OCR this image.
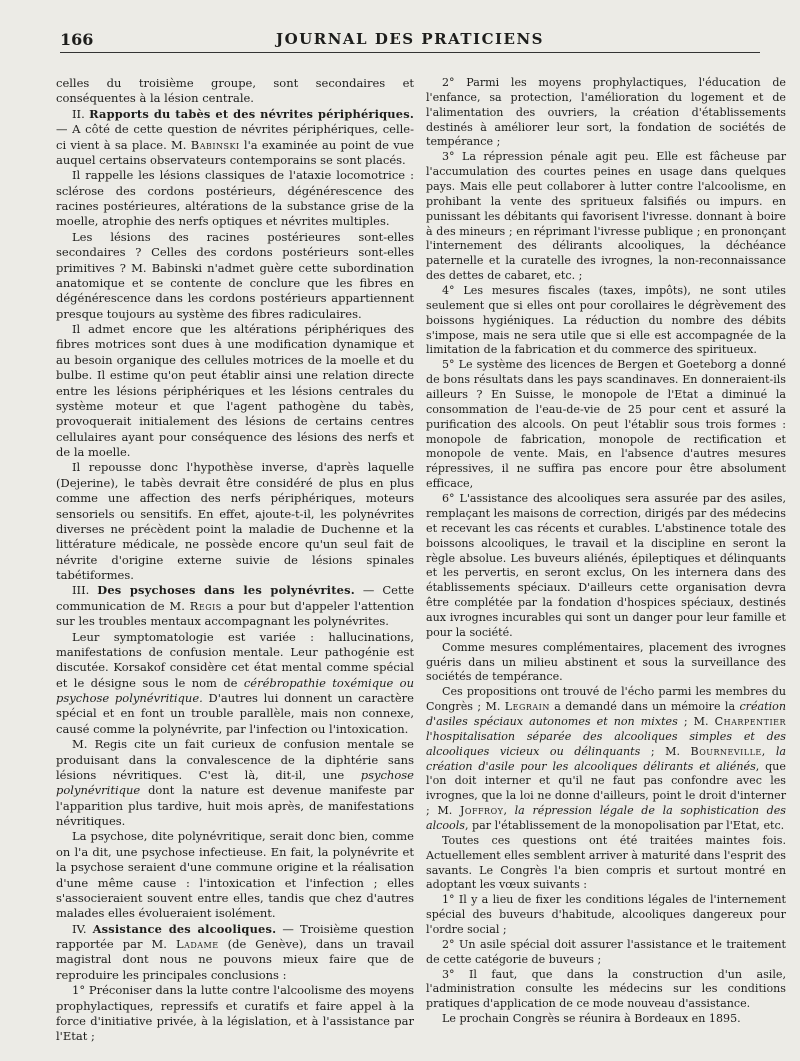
166	JOURNAL DES PRATICIENS

celles du troisième groupe, sont secondaires et conséquentes à la lésion centrale.

II. Rapports du tabès et des névrites périphériques. — A côté de cette question de névrites périphériques, celle-ci vient à sa place. M. Babinski l'a examinée au point de vue auquel certains observateurs contemporains se sont placés.

Il rappelle les lésions classiques de l'ataxie locomotrice : sclérose des cordons postérieurs, dégénérescence des racines postérieures, altérations de la substance grise de la moelle, atrophie des nerfs optiques et névrites multiples.

Les lésions des racines postérieures sont-elles secondaires ? Celles des cordons postérieurs sont-elles primitives ? M. Babinski n'admet guère cette subordination anatomique et se contente de conclure que les fibres en dégénérescence dans les cordons postérieurs appartiennent presque toujours au système des fibres radiculaires.

Il admet encore que les altérations périphériques des fibres motrices sont dues à une modification dynamique et au besoin organique des cellules motrices de la moelle et du bulbe. Il estime qu'on peut établir ainsi une relation directe entre les lésions périphériques et les lésions centrales du système moteur et que l'agent pathogène du tabès, provoquerait initialement des lésions de certains centres cellulaires ayant pour conséquence des lésions des nerfs et de la moelle.

Il repousse donc l'hypothèse inverse, d'après laquelle (Dejerine), le tabès devrait être considéré de plus en plus comme une affection des nerfs périphériques, moteurs sensoriels ou sensitifs. En effet, ajoute-t-il, les polynévrites diverses ne précèdent point la maladie de Duchenne et la littérature médicale, ne possède encore qu'un seul fait de névrite d'origine externe suivie de lésions spinales tabétiformes.

III. Des psychoses dans les polynévrites. — Cette communication de M. Regis a pour but d'appeler l'attention sur les troubles mentaux accompagnant les polynévrites.

Leur symptomatologie est variée : hallucinations, manifestations de confusion mentale. Leur pathogénie est discutée. Korsakof considère cet état mental comme spécial et le désigne sous le nom de cérébropathie toxémique ou psychose polynévritique. D'autres lui donnent un caractère spécial et en font un trouble parallèle, mais non connexe, causé comme la polynévrite, par l'infection ou l'intoxication.

M. Regis cite un fait curieux de confusion mentale se produisant dans la convalescence de la diphtérie sans lésions névritiques. C'est là, dit-il, une psychose polynévritique dont la nature est devenue manifeste par l'apparition plus tardive, huit mois après, de manifestations névritiques.

La psychose, dite polynévritique, serait donc bien, comme on l'a dit, une psychose infectieuse. En fait, la polynévrite et la psychose seraient d'une commune origine et la réalisation d'une même cause : l'intoxication et l'infection ; elles s'associeraient souvent entre elles, tandis que chez d'autres malades elles évolueraient isolément.

IV. Assistance des alcooliques. — Troisième question rapportée par M. Ladame (de Genève), dans un travail magistral dont nous ne pouvons mieux faire que de reproduire les principales conclusions :

1° Préconiser dans la lutte contre l'alcoolisme des moyens prophylactiques, repressifs et curatifs et faire appel à la force d'initiative privée, à la législation, et à l'assistance par l'Etat ;

2° Parmi les moyens prophylactiques, l'éducation de l'enfance, sa protection, l'amélioration du logement et de l'alimentation des ouvriers, la création d'établissements destinés à améliorer leur sort, la fondation de sociétés de tempérance ;

3° La répression pénale agit peu. Elle est fâcheuse par l'accumulation des courtes peines en usage dans quelques pays. Mais elle peut collaborer à lutter contre l'alcoolisme, en prohibant la vente des spritueux falsifiés ou impurs. en punissant les débitants qui favorisent l'ivresse. donnant à boire à des mineurs ; en réprimant l'ivresse publique ; en prononçant l'internement des délirants alcooliques, la déchéance paternelle et la curatelle des ivrognes, la non-reconnaissance des dettes de cabaret, etc. ;

4° Les mesures fiscales (taxes, impôts), ne sont utiles seulement que si elles ont pour corollaires le dégrèvement des boissons hygiéniques. La réduction du nombre des débits s'impose, mais ne sera utile que si elle est accompagnée de la limitation de la fabrication et du commerce des spiritueux.

5° Le système des licences de Bergen et Goeteborg a donné de bons résultats dans les pays scandinaves. En donneraient-ils ailleurs ? En Suisse, le monopole de l'Etat a diminué la consommation de l'eau-de-vie de 25 pour cent et assuré la purification des alcools. On peut l'établir sous trois formes : monopole de fabrication, monopole de rectification et monopole de vente. Mais, en l'absence d'autres mesures répressives, il ne suffira pas encore pour être absolument efficace,

6° L'assistance des alcooliques sera assurée par des asiles, remplaçant les maisons de correction, dirigés par des médecins et recevant les cas récents et curables. L'abstinence totale des boissons alcooliques, le travail et la discipline en seront la règle absolue. Les buveurs aliénés, épileptiques et délinquants et les pervertis, en seront exclus, On les internera dans des établissements spéciaux. D'ailleurs cette organisation devra être complétée par la fondation d'hospices spéciaux, destinés aux ivrognes incurables qui sont un danger pour leur famille et pour la société.

Comme mesures complémentaires, placement des ivrognes guéris dans un milieu abstinent et sous la surveillance des sociétés de tempérance.

Ces propositions ont trouvé de l'écho parmi les membres du Congrès ; M. Legrain a demandé dans un mémoire la création d'asiles spéciaux autonomes et non mixtes ; M. Charpentier l'hospitalisation séparée des alcooliques simples et des alcooliques vicieux ou délinquants ; M. Bourneville, la création d'asile pour les alcooliques délirants et aliénés, que l'on doit interner et qu'il ne faut pas confondre avec les ivrognes, que la loi ne donne d'ailleurs, point le droit d'interner ; M. Joffroy, la répression légale de la sophistication des alcools, par l'établissement de la monopolisation par l'Etat, etc.

Toutes ces questions ont été traitées maintes fois. Actuellement elles semblent arriver à maturité dans l'esprit des savants. Le Congrès l'a bien compris et surtout montré en adoptant les vœux suivants :

1° Il y a lieu de fixer les conditions légales de l'internement spécial des buveurs d'habitude, alcooliques dangereux pour l'ordre social ;

2° Un asile spécial doit assurer l'assistance et le traitement de cette catégorie de buveurs ;

3° Il faut, que dans la construction d'un asile, l'administration consulte les médecins sur les conditions pratiques d'application de ce mode nouveau d'assistance.

Le prochain Congrès se réunira à Bordeaux en 1895.
